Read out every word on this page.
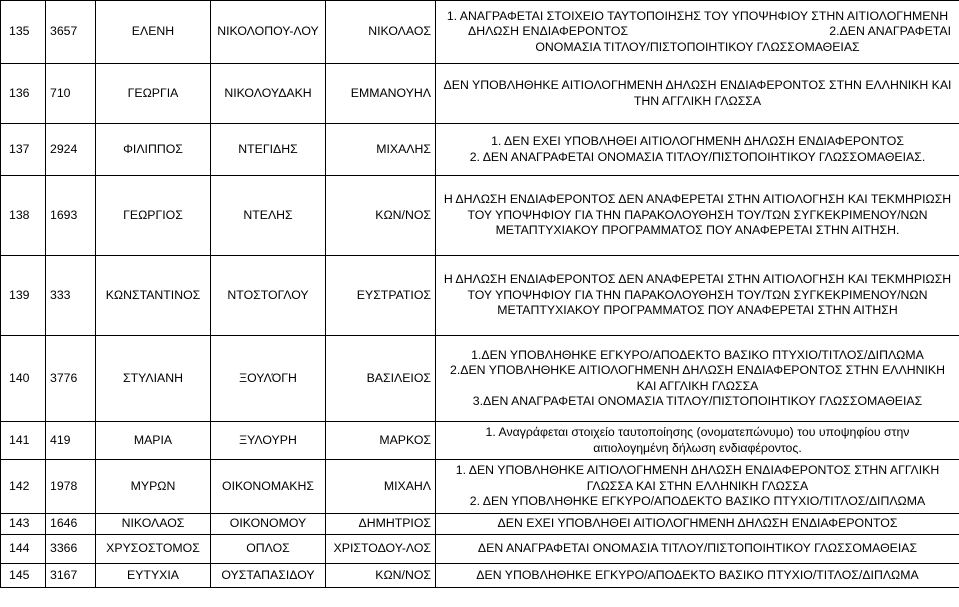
135	3657	ΕΛΕΝΗ	ΝΙΚΟΛΟΠΟΥ-ΛΟΥ	ΝΙΚΟΛΑΟΣ	1. ΑΝΑΓΡΑΦΕΤΑΙ ΣΤΟΙΧΕΙΟ ΤΑΥΤΟΠΟΙΗΣΗΣ ΤΟΥ ΥΠΟΨΗΦΙΟΥ ΣΤΗΝ ΑΙΤΙΟΛΟΓΗΜΕΝΗ
ΔΗΛΩΣΗ ΕΝΔΙΑΦΕΡΟΝΤΟΣ 2.ΔΕΝ ΑΝΑΓΡΑΦΕΤΑΙ
ΟΝΟΜΑΣΙΑ ΤΙΤΛΟΥ/ΠΙΣΤΟΠΟΙΗΤΙΚΟΥ ΓΛΩΣΣΟΜΑΘΕΙΑΣ

136	710	ΓΕΩΡΓΙΑ	ΝΙΚΟΛΟΥΔΑΚΗ	ΕΜΜΑΝΟΥΗΛ	ΔΕΝ ΥΠΟΒΛΗΘΗΚΕ ΑΙΤΙΟΛΟΓΗΜΕΝΗ ΔΗΛΩΣΗ ΕΝΔΙΑΦΕΡΟΝΤΟΣ ΣΤΗΝ ΕΛΛΗΝΙΚΗ ΚΑΙ
ΤΗΝ ΑΓΓΛΙΚΗ ΓΛΩΣΣΑ

137	2924	ΦΙΛΙΠΠΟΣ	ΝΤΕΓΙΔΗΣ	ΜΙΧΑΛΗΣ	1. ΔΕΝ ΕΧΕΙ ΥΠΟΒΛΗΘΕΙ ΑΙΤΙΟΛΟΓΗΜΕΝΗ ΔΗΛΩΣΗ ΕΝΔΙΑΦΕΡΟΝΤΟΣ
2. ΔΕΝ ΑΝΑΓΡΑΦΕΤΑΙ ΟΝΟΜΑΣΙΑ ΤΙΤΛΟΥ/ΠΙΣΤΟΠΟΙΗΤΙΚΟΥ ΓΛΩΣΣΟΜΑΘΕΙΑΣ.

138	1693	ΓΕΩΡΓΙΟΣ	ΝΤΕΛΗΣ	ΚΩΝ/ΝΟΣ	Η ΔΗΛΩΣΗ ΕΝΔΙΑΦΕΡΟΝΤΟΣ ΔΕΝ ΑΝΑΦΕΡΕΤΑΙ ΣΤΗΝ ΑΙΤΙΟΛΟΓΗΣΗ ΚΑΙ ΤΕΚΜΗΡΙΩΣΗ
ΤΟΥ ΥΠΟΨΗΦΙΟΥ ΓΙΑ ΤΗΝ ΠΑΡΑΚΟΛΟΥΘΗΣΗ ΤΟΥ/ΤΩΝ ΣΥΓΚΕΚΡΙΜΕΝΟΥ/ΝΩΝ
ΜΕΤΑΠΤΥΧΙΑΚΟΥ ΠΡΟΓΡΑΜΜΑΤΟΣ ΠΟΥ ΑΝΑΦΕΡΕΤΑΙ ΣΤΗΝ ΑΙΤΗΣΗ.

139	333	ΚΩΝΣΤΑΝΤΙΝΟΣ	ΝΤΟΣΤΟΓΛΟΥ	ΕΥΣΤΡΑΤΙΟΣ	Η ΔΗΛΩΣΗ ΕΝΔΙΑΦΕΡΟΝΤΟΣ ΔΕΝ ΑΝΑΦΕΡΕΤΑΙ ΣΤΗΝ ΑΙΤΙΟΛΟΓΗΣΗ ΚΑΙ ΤΕΚΜΗΡΙΩΣΗ
ΤΟΥ ΥΠΟΨΗΦΙΟΥ ΓΙΑ ΤΗΝ ΠΑΡΑΚΟΛΟΥΘΗΣΗ ΤΟΥ/ΤΩΝ ΣΥΓΚΕΚΡΙΜΕΝΟΥ/ΝΩΝ
ΜΕΤΑΠΤΥΧΙΑΚΟΥ ΠΡΟΓΡΑΜΜΑΤΟΣ ΠΟΥ ΑΝΑΦΕΡΕΤΑΙ ΣΤΗΝ ΑΙΤΗΣΗ

140	3776	ΣΤΥΛΙΑΝΗ	ΞΟΥΛΌΓΗ	ΒΑΣΙΛΕΙΟΣ	1.ΔΕΝ ΥΠΟΒΛΗΘΗΚΕ ΕΓΚΥΡΟ/ΑΠΟΔΕΚΤΟ ΒΑΣΙΚΟ ΠΤΥΧΙΟ/ΤΙΤΛΟΣ/ΔΙΠΛΩΜΑ
2.ΔΕΝ ΥΠΟΒΛΗΘΗΚΕ ΑΙΤΙΟΛΟΓΗΜΕΝΗ ΔΗΛΩΣΗ ΕΝΔΙΑΦΕΡΟΝΤΟΣ ΣΤΗΝ ΕΛΛΗΝΙΚΗ
ΚΑΙ ΑΓΓΛΙΚΗ ΓΛΩΣΣΑ
3.ΔΕΝ ΑΝΑΓΡΑΦΕΤΑΙ ΟΝΟΜΑΣΙΑ ΤΙΤΛΟΥ/ΠΙΣΤΟΠΟΙΗΤΙΚΟΥ ΓΛΩΣΣΟΜΑΘΕΙΑΣ

141	419	ΜΑΡΙΑ	ΞΥΛΟΥΡΗ	ΜΑΡΚΟΣ	1. Αναγράφεται στοιχείο ταυτοποίησης (ονοματεπώνυμο) του υποψηφίου στην
αιτιολογημένη δήλωση ενδιαφέροντος.

142	1978	ΜΥΡΩΝ	ΟΙΚΟΝΟΜΑΚΗΣ	ΜΙΧΑΗΛ	1. ΔΕΝ ΥΠΟΒΛΗΘΗΚΕ ΑΙΤΙΟΛΟΓΗΜΕΝΗ ΔΗΛΩΣΗ ΕΝΔΙΑΦΕΡΟΝΤΟΣ ΣΤΗΝ ΑΓΓΛΙΚΗ
ΓΛΩΣΣΑ ΚΑΙ ΣΤΗΝ ΕΛΛΗΝΙΚΗ ΓΛΩΣΣΑ
2. ΔΕΝ ΥΠΟΒΛΗΘΗΚΕ ΕΓΚΥΡΟ/ΑΠΟΔΕΚΤΟ ΒΑΣΙΚΟ ΠΤΥΧΙΟ/ΤΙΤΛΟΣ/ΔΙΠΛΩΜΑ

143	1646	ΝΙΚΟΛΑΟΣ	ΟΙΚΟΝΟΜΟΥ	ΔΗΜΗΤΡΙΟΣ	ΔΕΝ ΕΧΕΙ ΥΠΟΒΛΗΘΕΙ ΑΙΤΙΟΛΟΓΗΜΕΝΗ ΔΗΛΩΣΗ ΕΝΔΙΑΦΕΡΟΝΤΟΣ

144	3366	ΧΡΥΣΟΣΤΟΜΟΣ	ΟΠΛΟΣ	ΧΡΙΣΤΟΔΟΥ-ΛΟΣ	ΔΕΝ ΑΝΑΓΡΑΦΕΤΑΙ ΟΝΟΜΑΣΙΑ ΤΙΤΛΟΥ/ΠΙΣΤΟΠΟΙΗΤΙΚΟΥ ΓΛΩΣΣΟΜΑΘΕΙΑΣ

145	3167	ΕΥΤΥΧΙΑ	ΟΥΣΤΑΠΑΣΙΔΟΥ	ΚΩΝ/ΝΟΣ	ΔΕΝ ΥΠΟΒΛΗΘΗΚΕ ΕΓΚΥΡΟ/ΑΠΟΔΕΚΤΟ ΒΑΣΙΚΟ ΠΤΥΧΙΟ/ΤΙΤΛΟΣ/ΔΙΠΛΩΜΑ
